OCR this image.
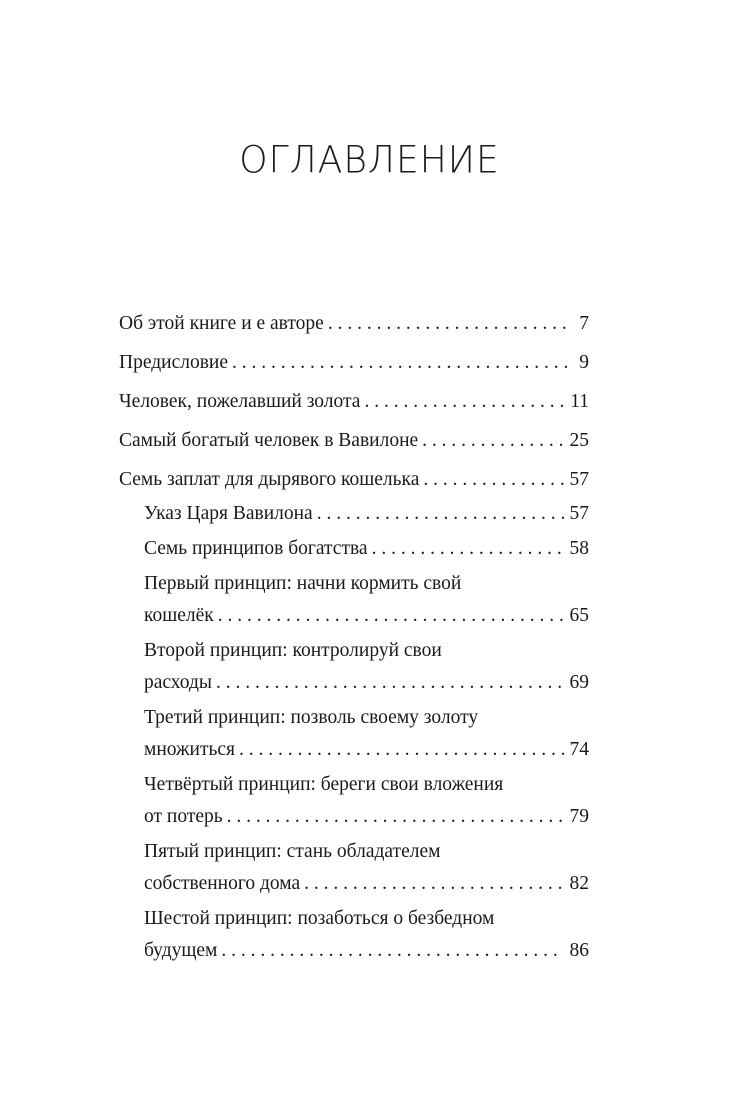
ОГЛАВЛЕНИЕ
Об этой книге и е авторе . . .	7
Предисловие . . .	9
Человек, пожелавший золота . . .	11
Самый богатый человек в Вавилоне . . .	25
Семь заплат для дырявого кошелька . . .	57
Указ Царя Вавилона . . .	57
Семь принципов богатства . . .	58
Первый принцип: начни кормить свой
кошелёк . . .	65
Второй принцип: контролируй свои
расходы . . .	69
Третий принцип: позволь своему золоту
множиться . . .	74
Четвёртый принцип: береги свои вложения
от потерь . . .	79
Пятый принцип: стань обладателем
собственного дома . . .	82
Шестой принцип: позаботься о безбедном
будущем . . .	86
